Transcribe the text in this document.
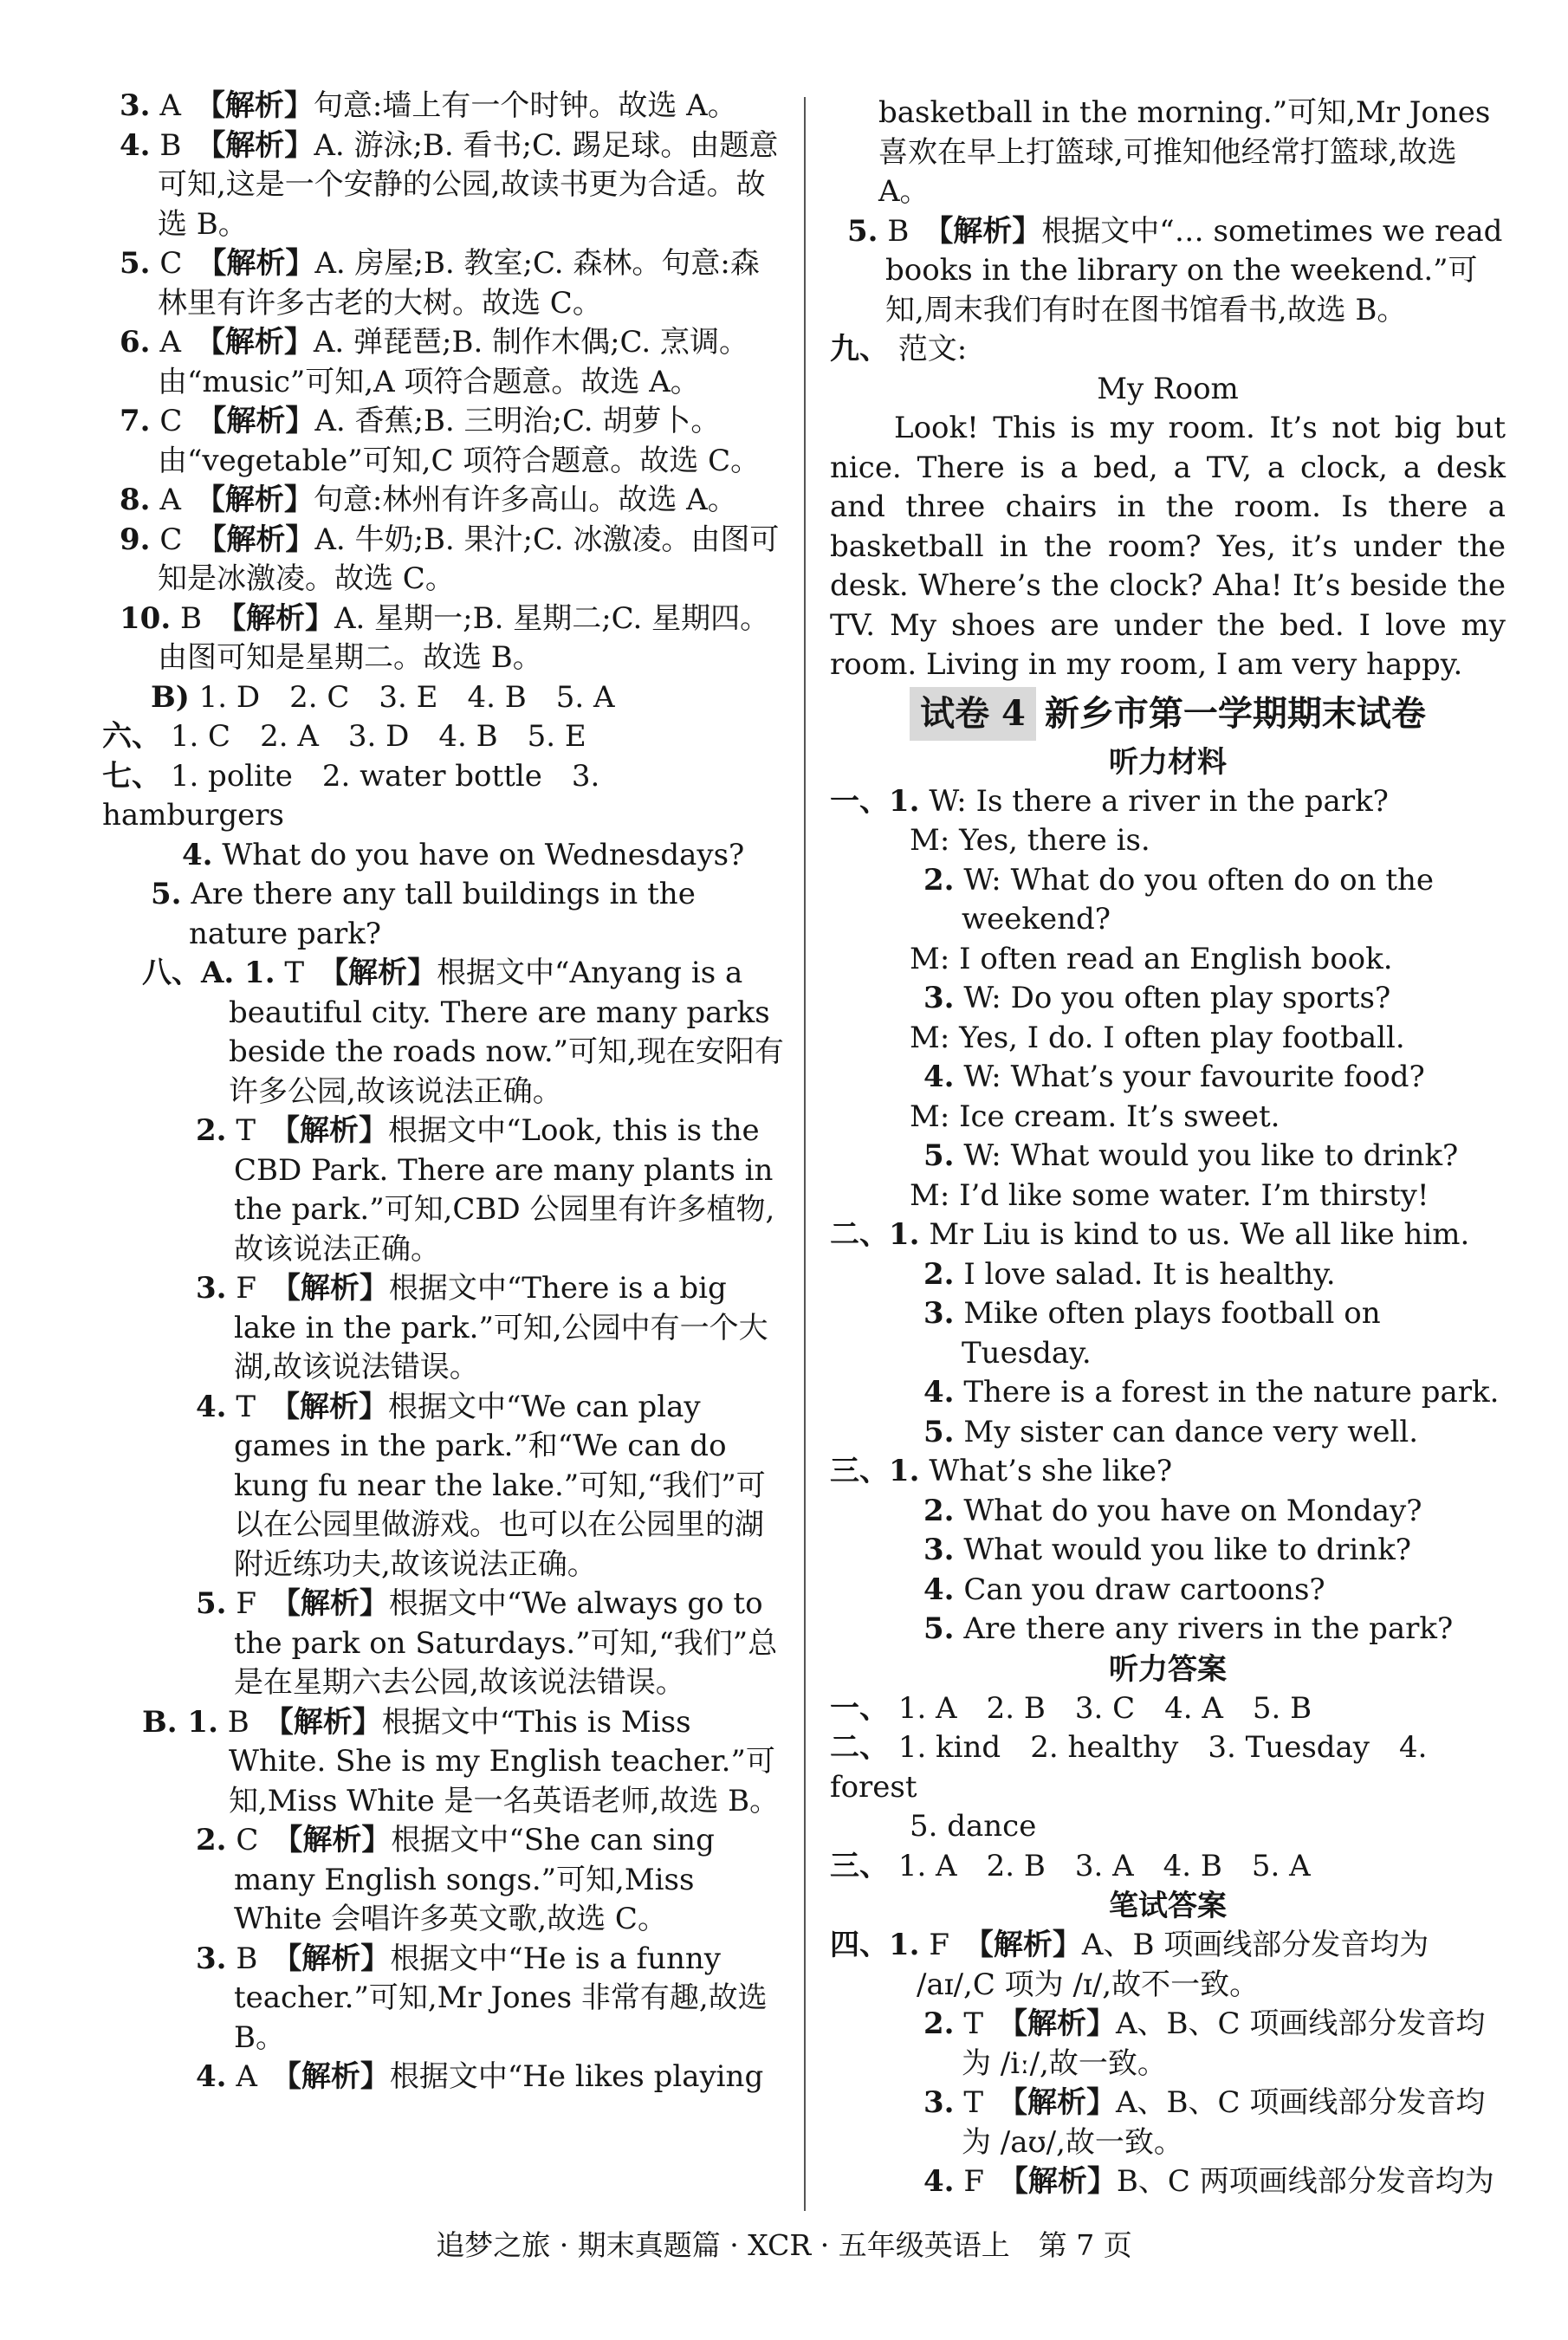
3. A　 【解析】句意:墙上有一个时钟。故选 A。
4. B　 【解析】A. 游泳;B. 看书;C. 踢足球。由题意可知,这是一个安静的公园,故读书更为合适。故选 B。
5. C　 【解析】A. 房屋;B. 教室;C. 森林。句意:森林里有许多古老的大树。故选 C。
6. A　 【解析】A. 弹琵琶;B. 制作木偶;C. 烹调。由“music”可知,A 项符合题意。故选 A。
7. C　 【解析】A. 香蕉;B. 三明治;C. 胡萝卜。由“vegetable”可知,C 项符合题意。故选 C。
8. A　 【解析】句意:林州有许多高山。故选 A。
9. C　 【解析】A. 牛奶;B. 果汁;C. 冰激凌。由图可知是冰激凌。故选 C。
10. B　 【解析】A. 星期一;B. 星期二;C. 星期四。由图可知是星期二。故选 B。
B) 1. D　2. C　3. E　4. B　5. A
六、 1. C　2. A　3. D　4. B　5. E
七、 1. polite　2. water bottle　3. hamburgers
4. What do you have on Wednesdays?
5. Are there any tall buildings in the nature park?
八、A. 1. T　 【解析】根据文中“Anyang is a beautiful city. There are many parks beside the roads now.”可知,现在安阳有许多公园,故该说法正确。
2. T　 【解析】根据文中“Look, this is the CBD Park. There are many plants in the park.”可知,CBD 公园里有许多植物,故该说法正确。
3. F　 【解析】根据文中“There is a big lake in the park.”可知,公园中有一个大湖,故该说法错误。
4. T　 【解析】根据文中“We can play games in the park.”和“We can do kung fu near the lake.”可知,“我们”可以在公园里做游戏。也可以在公园里的湖附近练功夫,故该说法正确。
5. F　 【解析】根据文中“We always go to the park on Saturdays.”可知,“我们”总是在星期六去公园,故该说法错误。
B. 1. B　 【解析】根据文中“This is Miss White. She is my English teacher.”可知,Miss White 是一名英语老师,故选 B。
2. C　 【解析】根据文中“She can sing many English songs.”可知,Miss White 会唱许多英文歌,故选 C。
3. B　 【解析】根据文中“He is a funny teacher.”可知,Mr Jones 非常有趣,故选 B。
4. A　 【解析】根据文中“He likes playing
basketball in the morning.”可知,Mr Jones 喜欢在早上打篮球,可推知他经常打篮球,故选 A。
5. B　 【解析】根据文中“… sometimes we read books in the library on the weekend.”可知,周末我们有时在图书馆看书,故选 B。
九、 范文:
My Room
Look! This is my room. It’s not big but nice. There is a bed, a TV, a clock, a desk and three chairs in the room. Is there a basketball in the room? Yes, it’s under the desk. Where’s the clock? Aha! It’s beside the TV. My shoes are under the bed. I love my room. Living in my room, I am very happy.
试卷 4 新乡市第一学期期末试卷
听力材料
一、1. W: Is there a river in the park?
M: Yes, there is.
2. W: What do you often do on the weekend?
M: I often read an English book.
3. W: Do you often play sports?
M: Yes, I do. I often play football.
4. W: What’s your favourite food?
M: Ice cream. It’s sweet.
5. W: What would you like to drink?
M: I’d like some water. I’m thirsty!
二、1. Mr Liu is kind to us. We all like him.
2. I love salad. It is healthy.
3. Mike often plays football on Tuesday.
4. There is a forest in the nature park.
5. My sister can dance very well.
三、1. What’s she like?
2. What do you have on Monday?
3. What would you like to drink?
4. Can you draw cartoons?
5. Are there any rivers in the park?
听力答案
一、 1. A　2. B　3. C　4. A　5. B
二、 1. kind　2. healthy　3. Tuesday　4. forest
5. dance
三、 1. A　2. B　3. A　4. B　5. A
笔试答案
四、1. F　 【解析】A、B 项画线部分发音均为 /aɪ/,C 项为 /ɪ/,故不一致。
2. T　 【解析】A、B、C 项画线部分发音均为 /iː/,故一致。
3. T　 【解析】A、B、C 项画线部分发音均为 /aʊ/,故一致。
4. F　 【解析】B、C 两项画线部分发音均为
追梦之旅 · 期末真题篇 · XCR · 五年级英语上　第 7 页
